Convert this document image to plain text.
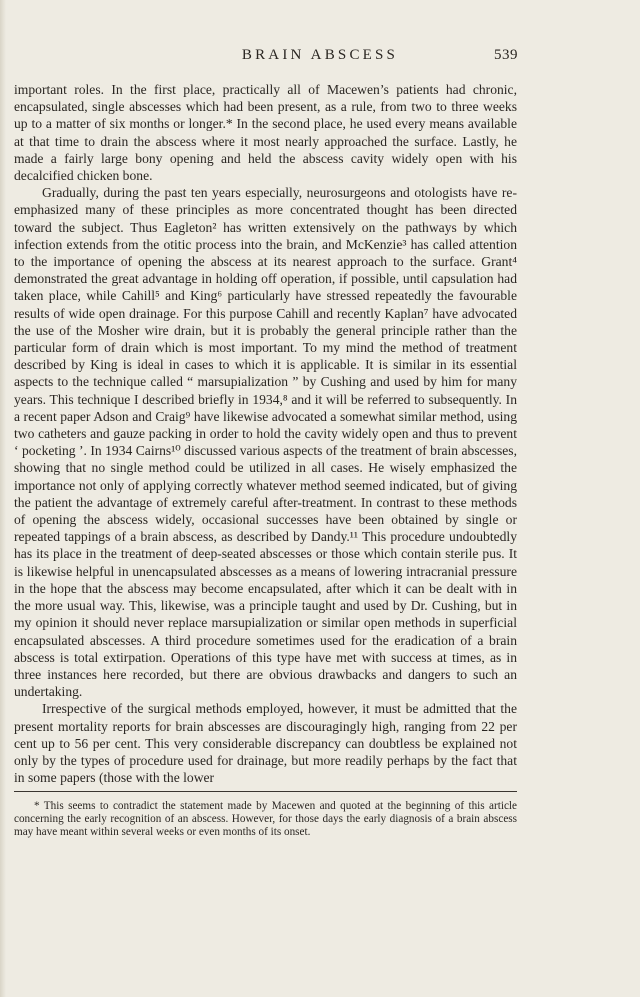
BRAIN ABSCESS	539

important roles. In the first place, practically all of Macewen’s patients had chronic, encapsulated, single abscesses which had been present, as a rule, from two to three weeks up to a matter of six months or longer.* In the second place, he used every means available at that time to drain the abscess where it most nearly approached the surface. Lastly, he made a fairly large bony opening and held the abscess cavity widely open with his decalcified chicken bone.

Gradually, during the past ten years especially, neurosurgeons and otologists have re-emphasized many of these principles as more concentrated thought has been directed toward the subject. Thus Eagleton² has written extensively on the pathways by which infection extends from the otitic process into the brain, and McKenzie³ has called attention to the importance of opening the abscess at its nearest approach to the surface. Grant⁴ demonstrated the great advantage in holding off operation, if possible, until capsulation had taken place, while Cahill⁵ and King⁶ particularly have stressed repeatedly the favourable results of wide open drainage. For this purpose Cahill and recently Kaplan⁷ have advocated the use of the Mosher wire drain, but it is probably the general principle rather than the particular form of drain which is most important. To my mind the method of treatment described by King is ideal in cases to which it is applicable. It is similar in its essential aspects to the technique called “ marsupialization ” by Cushing and used by him for many years. This technique I described briefly in 1934,⁸ and it will be referred to subsequently. In a recent paper Adson and Craig⁹ have likewise advocated a somewhat similar method, using two catheters and gauze packing in order to hold the cavity widely open and thus to prevent ‘ pocketing ’. In 1934 Cairns¹⁰ discussed various aspects of the treatment of brain abscesses, showing that no single method could be utilized in all cases. He wisely emphasized the importance not only of applying correctly whatever method seemed indicated, but of giving the patient the advantage of extremely careful after-treatment. In contrast to these methods of opening the abscess widely, occasional successes have been obtained by single or repeated tappings of a brain abscess, as described by Dandy.¹¹ This procedure undoubtedly has its place in the treatment of deep-seated abscesses or those which contain sterile pus. It is likewise helpful in unencapsulated abscesses as a means of lowering intracranial pressure in the hope that the abscess may become encapsulated, after which it can be dealt with in the more usual way. This, likewise, was a principle taught and used by Dr. Cushing, but in my opinion it should never replace marsupialization or similar open methods in superficial encapsulated abscesses. A third procedure sometimes used for the eradication of a brain abscess is total extirpation. Operations of this type have met with success at times, as in three instances here recorded, but there are obvious drawbacks and dangers to such an undertaking.

Irrespective of the surgical methods employed, however, it must be admitted that the present mortality reports for brain abscesses are discouragingly high, ranging from 22 per cent up to 56 per cent. This very considerable discrepancy can doubtless be explained not only by the types of procedure used for drainage, but more readily perhaps by the fact that in some papers (those with the lower

* This seems to contradict the statement made by Macewen and quoted at the beginning of this article concerning the early recognition of an abscess. However, for those days the early diagnosis of a brain abscess may have meant within several weeks or even months of its onset.
